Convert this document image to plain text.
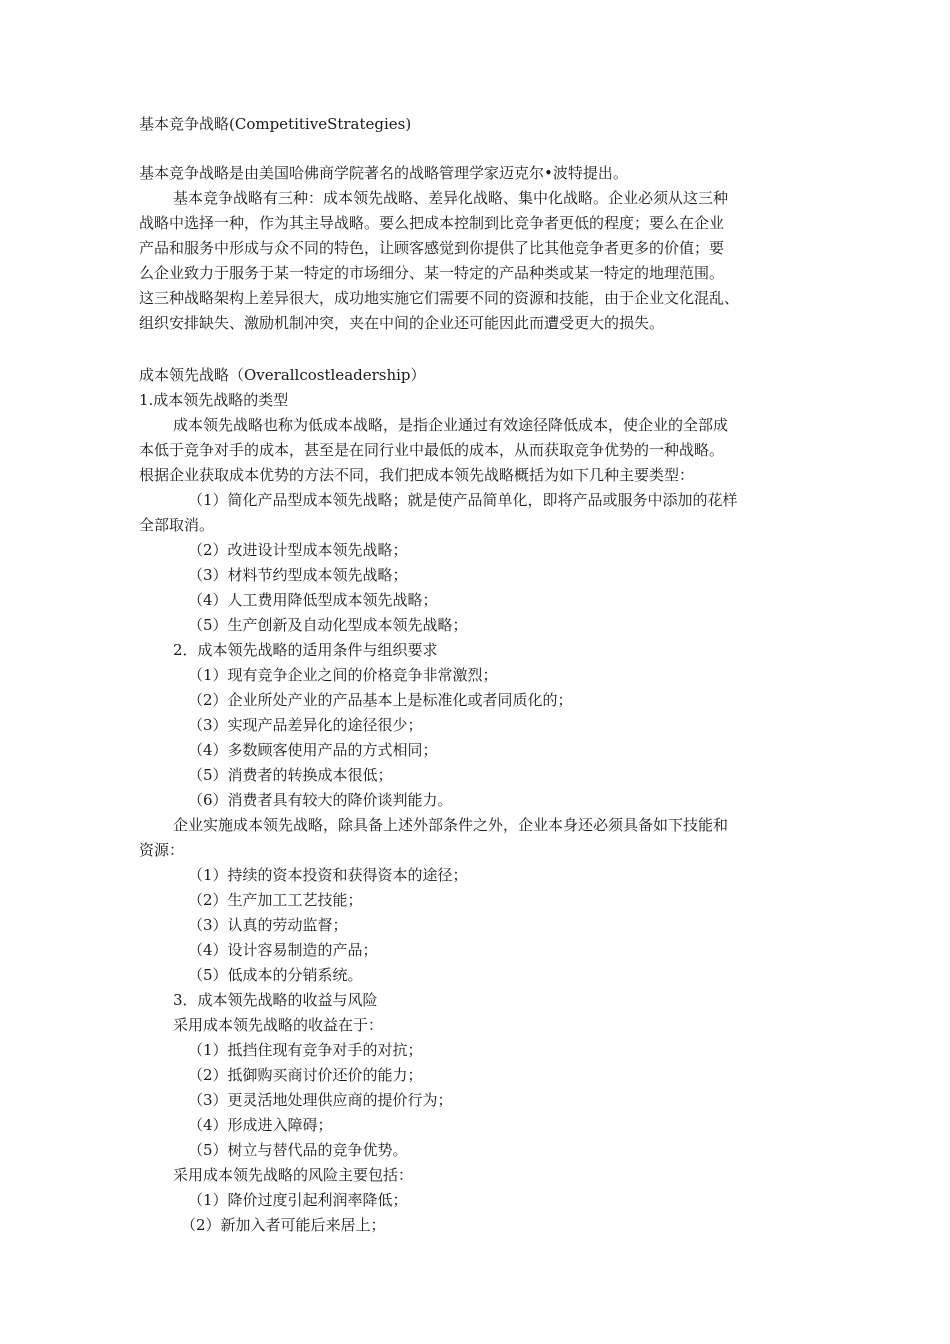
基本竞争战略(CompetitiveStrategies)
基本竞争战略是由美国哈佛商学院著名的战略管理学家迈克尔•波特提出。
基本竞争战略有三种：成本领先战略、差异化战略、集中化战略。企业必须从这三种
战略中选择一种，作为其主导战略。要么把成本控制到比竞争者更低的程度；要么在企业
产品和服务中形成与众不同的特色，让顾客感觉到你提供了比其他竞争者更多的价值；要
么企业致力于服务于某一特定的市场细分、某一特定的产品种类或某一特定的地理范围。
这三种战略架构上差异很大，成功地实施它们需要不同的资源和技能，由于企业文化混乱、
组织安排缺失、激励机制冲突，夹在中间的企业还可能因此而遭受更大的损失。
成本领先战略（Overallcostleadership）
1.成本领先战略的类型
成本领先战略也称为低成本战略，是指企业通过有效途径降低成本，使企业的全部成
本低于竞争对手的成本，甚至是在同行业中最低的成本，从而获取竞争优势的一种战略。
根据企业获取成本优势的方法不同，我们把成本领先战略概括为如下几种主要类型：
（1）简化产品型成本领先战略；就是使产品简单化，即将产品或服务中添加的花样
全部取消。
（2）改进设计型成本领先战略；
（3）材料节约型成本领先战略；
（4）人工费用降低型成本领先战略；
（5）生产创新及自动化型成本领先战略；
2．成本领先战略的适用条件与组织要求
（1）现有竞争企业之间的价格竞争非常激烈；
（2）企业所处产业的产品基本上是标准化或者同质化的；
（3）实现产品差异化的途径很少；
（4）多数顾客使用产品的方式相同；
（5）消费者的转换成本很低；
（6）消费者具有较大的降价谈判能力。
企业实施成本领先战略，除具备上述外部条件之外，企业本身还必须具备如下技能和
资源：
（1）持续的资本投资和获得资本的途径；
（2）生产加工工艺技能；
（3）认真的劳动监督；
（4）设计容易制造的产品；
（5）低成本的分销系统。
3．成本领先战略的收益与风险
采用成本领先战略的收益在于：
（1）抵挡住现有竞争对手的对抗；
（2）抵御购买商讨价还价的能力；
（3）更灵活地处理供应商的提价行为；
（4）形成进入障碍；
（5）树立与替代品的竞争优势。
采用成本领先战略的风险主要包括：
（1）降价过度引起利润率降低；
（2）新加入者可能后来居上；
